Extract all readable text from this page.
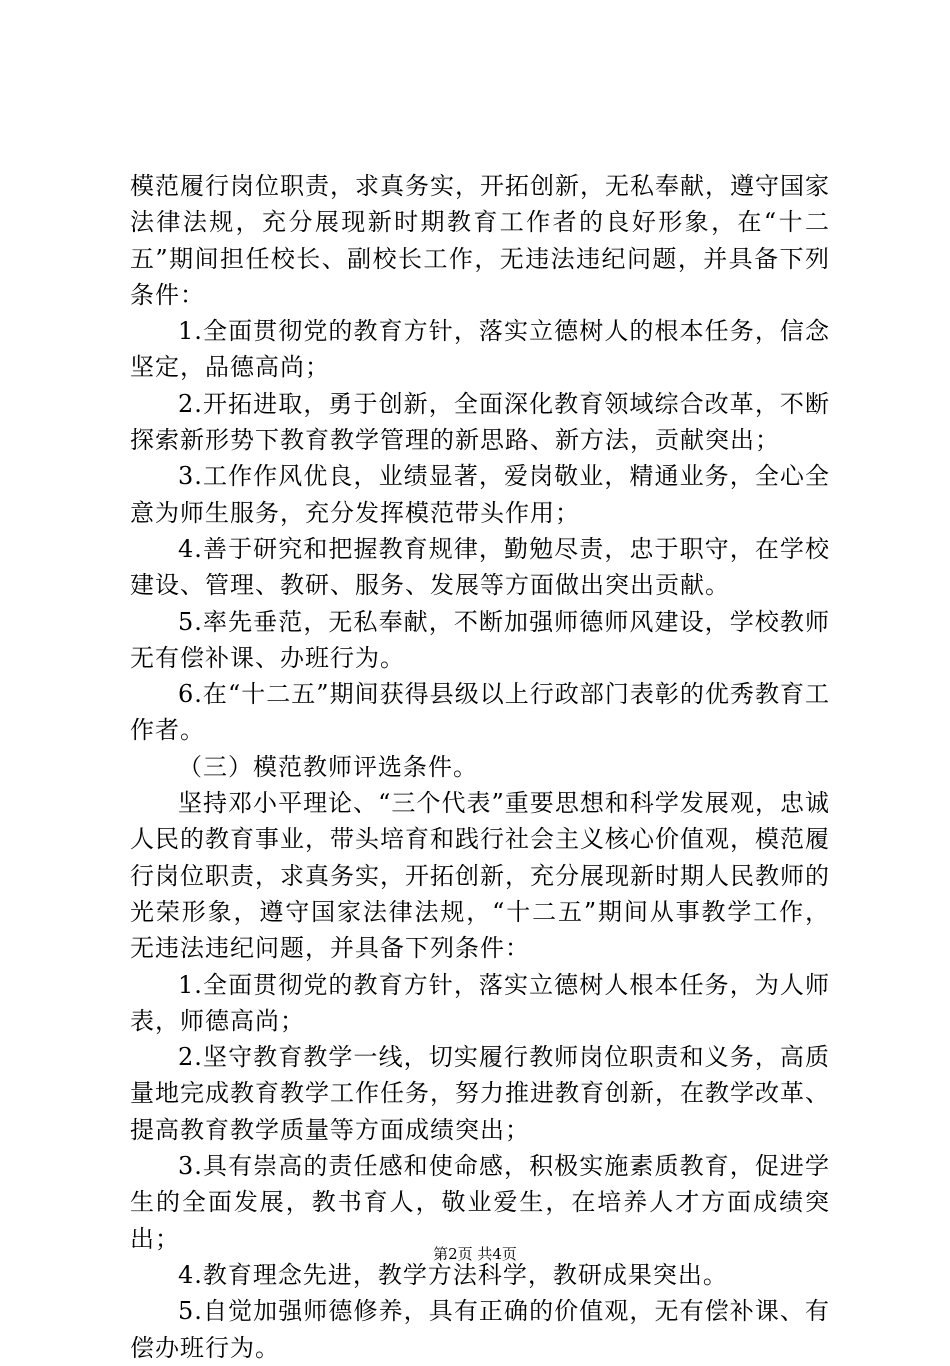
模范履行岗位职责，求真务实，开拓创新，无私奉献，遵守国家法律法规，充分展现新时期教育工作者的良好形象，在“十二五”期间担任校长、副校长工作，无违法违纪问题，并具备下列条件：

1.全面贯彻党的教育方针，落实立德树人的根本任务，信念坚定，品德高尚；

2.开拓进取，勇于创新，全面深化教育领域综合改革，不断探索新形势下教育教学管理的新思路、新方法，贡献突出；

3.工作作风优良，业绩显著，爱岗敬业，精通业务，全心全意为师生服务，充分发挥模范带头作用；

4.善于研究和把握教育规律，勤勉尽责，忠于职守，在学校建设、管理、教研、服务、发展等方面做出突出贡献。

5.率先垂范，无私奉献，不断加强师德师风建设，学校教师无有偿补课、办班行为。

6.在“十二五”期间获得县级以上行政部门表彰的优秀教育工作者。

（三）模范教师评选条件。

坚持邓小平理论、“三个代表”重要思想和科学发展观，忠诚人民的教育事业，带头培育和践行社会主义核心价值观，模范履行岗位职责，求真务实，开拓创新，充分展现新时期人民教师的光荣形象，遵守国家法律法规，“十二五”期间从事教学工作，无违法违纪问题，并具备下列条件：

1.全面贯彻党的教育方针，落实立德树人根本任务，为人师表，师德高尚；

2.坚守教育教学一线，切实履行教师岗位职责和义务，高质量地完成教育教学工作任务，努力推进教育创新，在教学改革、提高教育教学质量等方面成绩突出；

3.具有崇高的责任感和使命感，积极实施素质教育，促进学生的全面发展，教书育人，敬业爱生，在培养人才方面成绩突出；

4.教育理念先进，教学方法科学，教研成果突出。

5.自觉加强师德修养，具有正确的价值观，无有偿补课、有偿办班行为。

第2页 共4页
